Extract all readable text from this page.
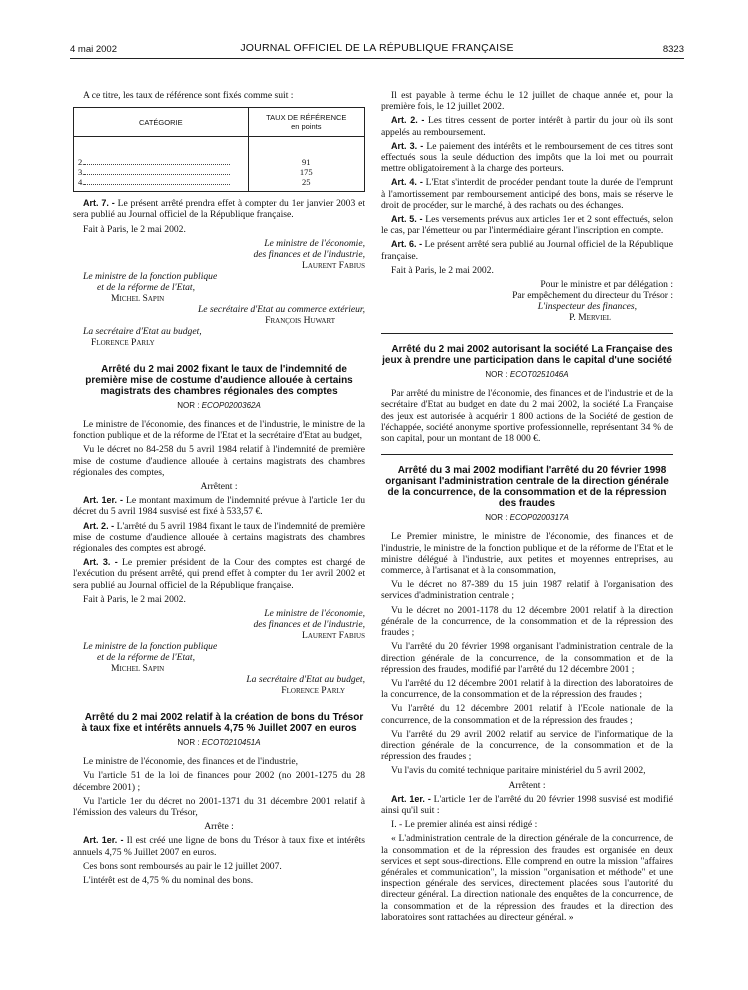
4 mai 2002	JOURNAL OFFICIEL DE LA RÉPUBLIQUE FRANÇAISE	8323

A ce titre, les taux de référence sont fixés comme suit :

CATÉGORIE	TAUX DE RÉFÉRENCE
en points
2.	91
3.	175
4.	25

Art. 7. - Le présent arrêté prendra effet à compter du 1er janvier 2003 et sera publié au Journal officiel de la République française.

Fait à Paris, le 2 mai 2002.

Le ministre de l'économie,

des finances et de l'industrie,

Laurent Fabius

Le ministre de la fonction publique

et de la réforme de l'Etat,

Michel Sapin

Le secrétaire d'Etat au commerce extérieur,

François Huwart

La secrétaire d'Etat au budget,

Florence Parly

Arrêté du 2 mai 2002 fixant le taux de l'indemnité de première mise de costume d'audience allouée à certains magistrats des chambres régionales des comptes

NOR : ECOP0200362A

Le ministre de l'économie, des finances et de l'industrie, le ministre de la fonction publique et de la réforme de l'Etat et la secrétaire d'Etat au budget,

Vu le décret no 84-258 du 5 avril 1984 relatif à l'indemnité de première mise de costume d'audience allouée à certains magistrats des chambres régionales des comptes,

Arrêtent :

Art. 1er. - Le montant maximum de l'indemnité prévue à l'article 1er du décret du 5 avril 1984 susvisé est fixé à 533,57 €.

Art. 2. - L'arrêté du 5 avril 1984 fixant le taux de l'indemnité de première mise de costume d'audience allouée à certains magistrats des chambres régionales des comptes est abrogé.

Art. 3. - Le premier président de la Cour des comptes est chargé de l'exécution du présent arrêté, qui prend effet à compter du 1er avril 2002 et sera publié au Journal officiel de la République française.

Fait à Paris, le 2 mai 2002.

Le ministre de l'économie,

des finances et de l'industrie,

Laurent Fabius

Le ministre de la fonction publique

et de la réforme de l'Etat,

Michel Sapin

La secrétaire d'Etat au budget,

Florence Parly

Arrêté du 2 mai 2002 relatif à la création de bons du Trésor à taux fixe et intérêts annuels 4,75 % Juillet 2007 en euros

NOR : ECOT0210451A

Le ministre de l'économie, des finances et de l'industrie,

Vu l'article 51 de la loi de finances pour 2002 (no 2001-1275 du 28 décembre 2001) ;

Vu l'article 1er du décret no 2001-1371 du 31 décembre 2001 relatif à l'émission des valeurs du Trésor,

Arrête :

Art. 1er. - Il est créé une ligne de bons du Trésor à taux fixe et intérêts annuels 4,75 % Juillet 2007 en euros.

Ces bons sont remboursés au pair le 12 juillet 2007.

L'intérêt est de 4,75 % du nominal des bons.

Il est payable à terme échu le 12 juillet de chaque année et, pour la première fois, le 12 juillet 2002.

Art. 2. - Les titres cessent de porter intérêt à partir du jour où ils sont appelés au remboursement.

Art. 3. - Le paiement des intérêts et le remboursement de ces titres sont effectués sous la seule déduction des impôts que la loi met ou pourrait mettre obligatoirement à la charge des porteurs.

Art. 4. - L'Etat s'interdit de procéder pendant toute la durée de l'emprunt à l'amortissement par remboursement anticipé des bons, mais se réserve le droit de procéder, sur le marché, à des rachats ou des échanges.

Art. 5. - Les versements prévus aux articles 1er et 2 sont effectués, selon le cas, par l'émetteur ou par l'intermédiaire gérant l'inscription en compte.

Art. 6. - Le présent arrêté sera publié au Journal officiel de la République française.

Fait à Paris, le 2 mai 2002.

Pour le ministre et par délégation :

Par empêchement du directeur du Trésor :

L'inspecteur des finances,

P. Merviel

Arrêté du 2 mai 2002 autorisant la société La Française des jeux à prendre une participation dans le capital d'une société

NOR : ECOT0251046A

Par arrêté du ministre de l'économie, des finances et de l'industrie et de la secrétaire d'Etat au budget en date du 2 mai 2002, la société La Française des jeux est autorisée à acquérir 1 800 actions de la Société de gestion de l'échappée, société anonyme sportive professionnelle, représentant 34 % de son capital, pour un montant de 18 000 €.

Arrêté du 3 mai 2002 modifiant l'arrêté du 20 février 1998 organisant l'administration centrale de la direction générale de la concurrence, de la consommation et de la répression des fraudes

NOR : ECOP0200317A

Le Premier ministre, le ministre de l'économie, des finances et de l'industrie, le ministre de la fonction publique et de la réforme de l'Etat et le ministre délégué à l'industrie, aux petites et moyennes entreprises, au commerce, à l'artisanat et à la consommation,

Vu le décret no 87-389 du 15 juin 1987 relatif à l'organisation des services d'administration centrale ;

Vu le décret no 2001-1178 du 12 décembre 2001 relatif à la direction générale de la concurrence, de la consommation et de la répression des fraudes ;

Vu l'arrêté du 20 février 1998 organisant l'administration centrale de la direction générale de la concurrence, de la consommation et de la répression des fraudes, modifié par l'arrêté du 12 décembre 2001 ;

Vu l'arrêté du 12 décembre 2001 relatif à la direction des laboratoires de la concurrence, de la consommation et de la répression des fraudes ;

Vu l'arrêté du 12 décembre 2001 relatif à l'Ecole nationale de la concurrence, de la consommation et de la répression des fraudes ;

Vu l'arrêté du 29 avril 2002 relatif au service de l'informatique de la direction générale de la concurrence, de la consommation et de la répression des fraudes ;

Vu l'avis du comité technique paritaire ministériel du 5 avril 2002,

Arrêtent :

Art. 1er. - L'article 1er de l'arrêté du 20 février 1998 susvisé est modifié ainsi qu'il suit :

I. - Le premier alinéa est ainsi rédigé :

« L'administration centrale de la direction générale de la concurrence, de la consommation et de la répression des fraudes est organisée en deux services et sept sous-directions. Elle comprend en outre la mission "affaires générales et communication", la mission "organisation et méthode" et une inspection générale des services, directement placées sous l'autorité du directeur général. La direction nationale des enquêtes de la concurrence, de la consommation et de la répression des fraudes et la direction des laboratoires sont rattachées au directeur général. »
